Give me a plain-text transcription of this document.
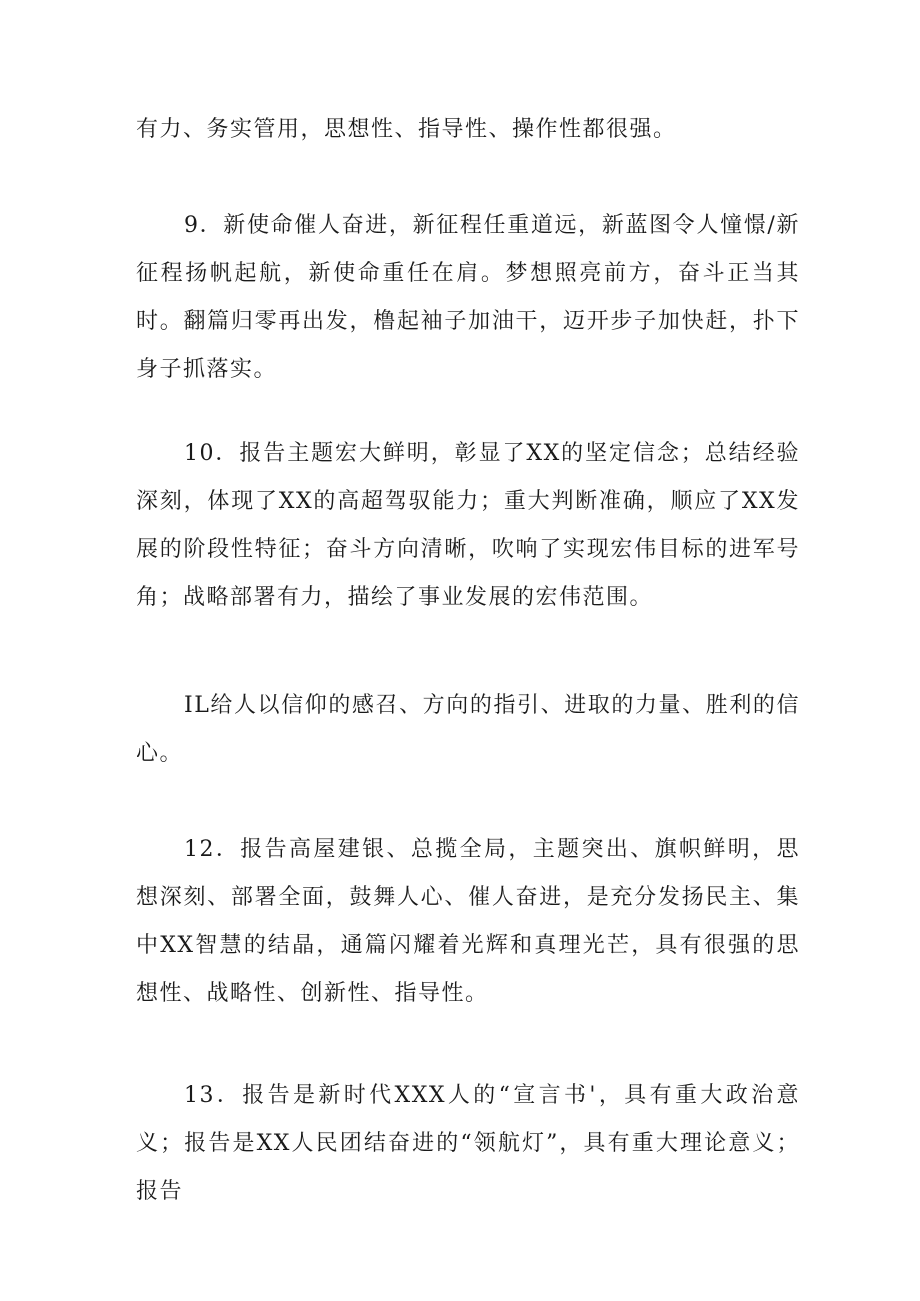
有力、务实管用，思想性、指导性、操作性都很强。

9．新使命催人奋进，新征程任重道远，新蓝图令人憧憬/新征程扬帆起航，新使命重任在肩。梦想照亮前方，奋斗正当其时。翻篇归零再出发，橹起袖子加油干，迈开步子加快赶，扑下身子抓落实。

10．报告主题宏大鲜明，彰显了XX的坚定信念；总结经验深刻，体现了XX的高超驾驭能力；重大判断准确，顺应了XX发展的阶段性特征；奋斗方向清晰，吹响了实现宏伟目标的进军号角；战略部署有力，描绘了事业发展的宏伟范围。

IL给人以信仰的感召、方向的指引、进取的力量、胜利的信心。

12．报告高屋建银、总揽全局，主题突出、旗帜鲜明，思想深刻、部署全面，鼓舞人心、催人奋进，是充分发扬民主、集中XX智慧的结晶，通篇闪耀着光辉和真理光芒，具有很强的思想性、战略性、创新性、指导性。

13．报告是新时代XXX人的“宣言书'，具有重大政治意义；报告是XX人民团结奋进的“领航灯”，具有重大理论意义；报告
